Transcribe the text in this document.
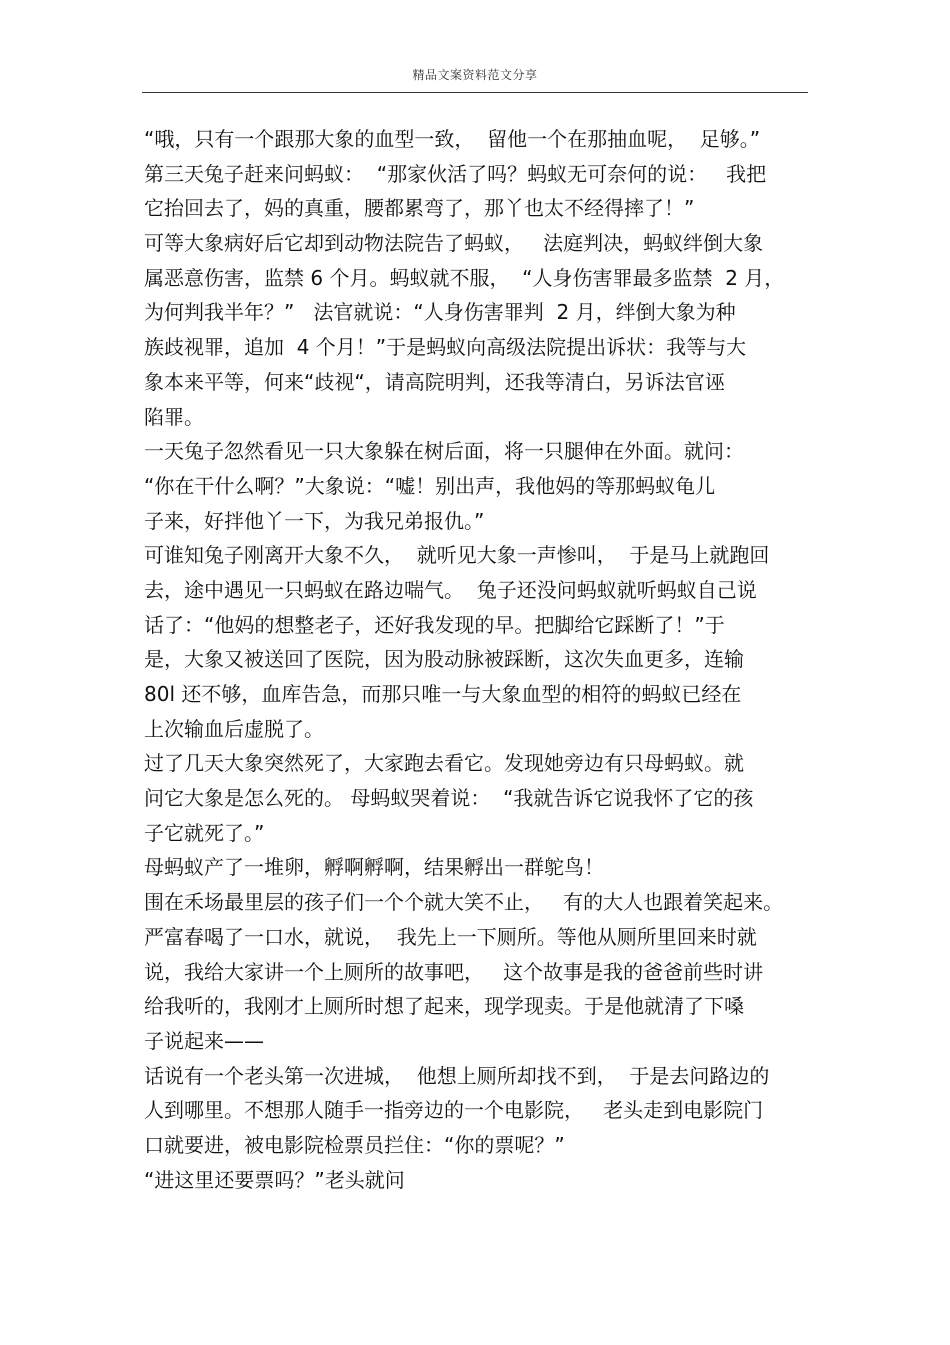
精品文案资料范文分享
“哦，只有一个跟那大象的血型一致，  留他一个在那抽血呢，  足够。”
第三天兔子赶来问蚂蚁：  “那家伙活了吗？蚂蚁无可奈何的说：   我把
它抬回去了，妈的真重，腰都累弯了，那丫也太不经得摔了！”
可等大象病好后它却到动物法院告了蚂蚁，   法庭判决，蚂蚁绊倒大象
属恶意伤害，监禁 6 个月。蚂蚁就不服，  “人身伤害罪最多监禁  2 月，
为何判我半年？”   法官就说：“人身伤害罪判  2 月，绊倒大象为种
族歧视罪，追加  4 个月！”于是蚂蚁向高级法院提出诉状：我等与大
象本来平等，何来“歧视“，请高院明判，还我等清白，另诉法官诬
陷罪。
一天兔子忽然看见一只大象躲在树后面，将一只腿伸在外面。就问：
“你在干什么啊？”大象说：“嘘！别出声，我他妈的等那蚂蚁龟儿
子来，好拌他丫一下，为我兄弟报仇。”
可谁知兔子刚离开大象不久，  就听见大象一声惨叫，  于是马上就跑回
去，途中遇见一只蚂蚁在路边喘气。  兔子还没问蚂蚁就听蚂蚁自己说
话了：“他妈的想整老子，还好我发现的早。把脚给它踩断了！”于
是，大象又被送回了医院，因为股动脉被踩断，这次失血更多，连输
80l 还不够，血库告急，而那只唯一与大象血型的相符的蚂蚁已经在
上次输血后虚脱了。
过了几天大象突然死了，大家跑去看它。发现她旁边有只母蚂蚁。就
问它大象是怎么死的。 母蚂蚁哭着说：  “我就告诉它说我怀了它的孩
子它就死了。”
母蚂蚁产了一堆卵，孵啊孵啊，结果孵出一群鸵鸟！
围在禾场最里层的孩子们一个个就大笑不止，   有的大人也跟着笑起来。
严富春喝了一口水，就说，  我先上一下厕所。等他从厕所里回来时就
说，我给大家讲一个上厕所的故事吧，   这个故事是我的爸爸前些时讲
给我听的，我刚才上厕所时想了起来，现学现卖。于是他就清了下嗓
子说起来——
话说有一个老头第一次进城，  他想上厕所却找不到，  于是去问路边的
人到哪里。不想那人随手一指旁边的一个电影院，   老头走到电影院门
口就要进，被电影院检票员拦住：“你的票呢？”
“进这里还要票吗？”老头就问
